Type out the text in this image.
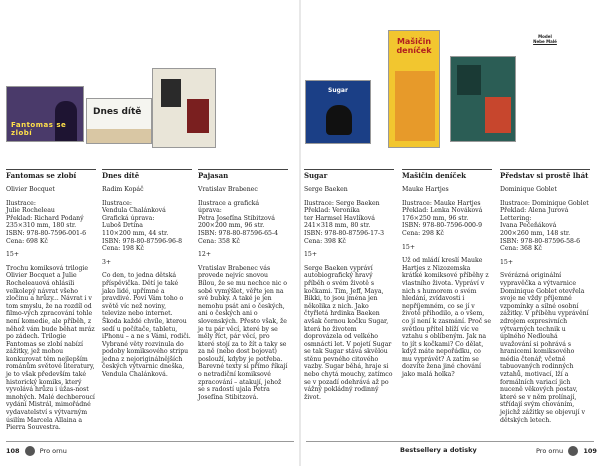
Fantomas se zlobí
Dnes dítě
Fantomas se zlobí
Olivier Bocquet
Ilustrace:
Julie Rocheleau
Překlad: Richard Podaný
235×310 mm, 180 str.
ISBN: 978-80-7596-001-6
Cena: 698 Kč
15+
Trochu komiksová trilogie Olivier Bocquet a Julie Rocheleauová ohlásili velkolepý návrat všeho zločinu a hrůzy... Návrat i v tom smyslu, že na rozdíl od filmo-vých zpracování tohle není komedie, ale příběh, z něhož vám bude běhat mráz po zádech. Trilogie Fantomas se zlobí nabízí zážitky, jež mohou konkurovat těm nejlepším románům světové literatury, je to však především také historický komiks, který vyvolává hrůzu i úžas-nost mnohých. Malé dechberoucí vydání Mistrál, mimořádné vydavatelství s výtvarným úsilím Marcela Allaina a Pierra Souvestra.
Dnes dítě
Radim Kopáč
Ilustrace:
Vendula Chalánková
Grafická úprava:
Luboš Drtina
110×200 mm, 44 str.
ISBN: 978-80-87596-96-8
Cena: 198 Kč
3+
Co den, to jedna dětská příspěvička. Dětí je také jako lidé, upřímné a pravdivé. Poví Vám toho o světě víc než noviny, televize nebo internet. Škoda každé chvíle, kterou sedí u počítače, tabletu, iPhonu – a ne s Vámi, rodiči. Vybrané věty rozvinula do podoby komiksového stripu jedna z nejoriginálnějších českých výtvarnic dneška, Vendula Chalánková.
Pajasan
Vratislav Brabenec
Ilustrace a grafická
úprava:
Petra Josefína Stibitzová
200×200 mm, 96 str.
ISBN: 978-80-87596-65-4
Cena: 358 Kč
12+
Vratislav Brabenec vás provede nejvíc snovou Bílou, že se mu nechce nic o sobě vymýšlet, věřte jen na své bubky. A také je jen nemohu psát ani o českých, ani o českých ani o slovenských. Přesto však, že je tu pár věcí, které by se měly říct, pár věcí, pro které stojí za to žít a taky se za ně (nebo dost bojovat) poslouží, kdyby je potřeba. Barevné texty si přímo říkají o netradiční komiksové zpracování – atakují, jehož se s radostí ujala Petra Josefína Stibitzová.
108	Pro ornu
Sugar
Mašičin deníček
Model
Nebe Malé
Sugar
Serge Baeken
Ilustrace: Serge Baeken
Překlad: Veronika
ter Harmsel Havlíková
241×318 mm, 80 str.
ISBN: 978-80-87596-17-3
Cena: 398 Kč
15+
Serge Baeken vypráví autobiografický hravý příběh o svém životě s kočkami. Tim, Jeff, Maya, Bikki, to jsou jména jen několika z nich. Jako čtyřletá hrdinka Baeken avšak černou kočku Sugar, která ho životem doprovázela od velkého osmnácti let. V pojetí Sugar se tak Sugar stává skvělou stěnu pevného citového vazby. Sugar běhá, hraje si nebo chytá mouchy, zatímco se v pozadí odehrává až po vážný pokládný rodinný život.
Mašičin deníček
Mauke Hartjes
Ilustrace: Mauke Hartjes
Překlad: Lenka Nováková
176×250 mm, 96 str.
ISBN: 978-80-7596-000-9
Cena: 298 Kč
15+
Už od mládí kreslí Mauke Hartjes z Nizozemska krátké komiksové příběhy z vlastního života. Vypráví v nich s humorem o svém hledání, zvídavosti i nepříjemném, co se jí v životě přihodilo, a o všem, co jí není k zasmání. Proč se světlou přítel blíží víc ve vztahu s oblíbeným. Jak na to jít s kočkami? Co dělat, když máte nepořádku, co mu vyprávět? A zatím se dozvíte žena jiné chování jako malá holka?
Představ si prostě lhát
Dominique Goblet
Ilustrace: Dominique Goblet
Překlad: Alena Jurová
Lettering:
Ivana Pečeňáková
200×260 mm, 148 str.
ISBN: 978-80-87596-58-6
Cena: 368 Kč
15+
Svérázná originální vypravěčka a výtvarnice Dominique Goblet otevřela svoje ne vždy příjemné vzpomínky a silné osobní zážitky. V příběhu vyprávění zdrojem expresivních výtvarných technik u úplného Nedlouhá uvažování si pohrává s hranicemi komiksového média čtenář, včetně tabuovaných rodinných vztahů, motivací, lží a formálních variací jich nuceně věkových postav, které se v něm prolínají, střídají svým chováním, jejichž zážitky se objevují v dětských letech.
Bestsellery a dotisky	Pro ornu	109
